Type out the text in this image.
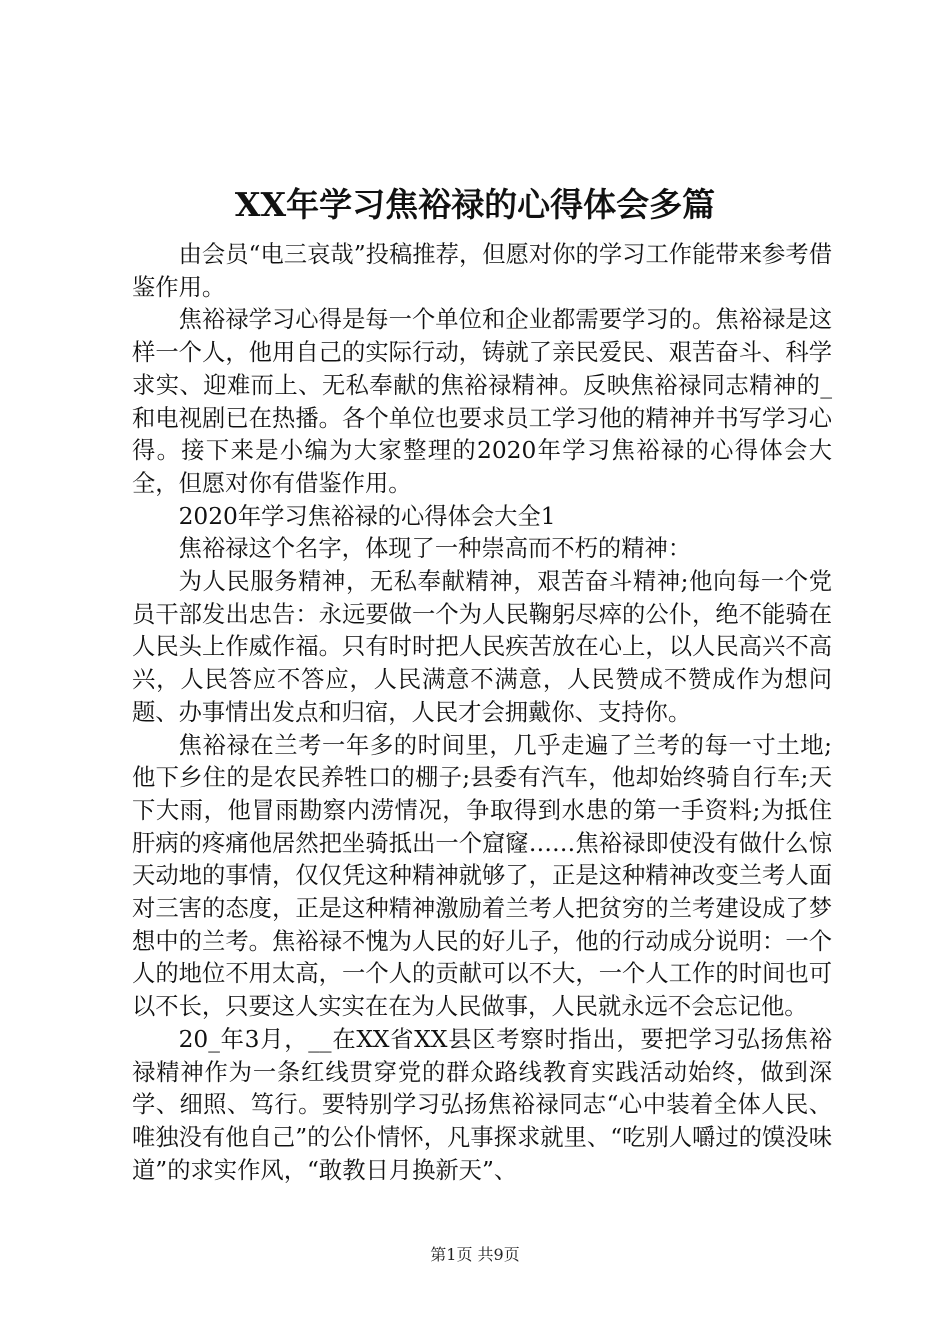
XX年学习焦裕禄的心得体会多篇

由会员“电三哀哉”投稿推荐，但愿对你的学习工作能带来参考借鉴作用。

焦裕禄学习心得是每一个单位和企业都需要学习的。焦裕禄是这样一个人，他用自己的实际行动，铸就了亲民爱民、艰苦奋斗、科学求实、迎难而上、无私奉献的焦裕禄精神。反映焦裕禄同志精神的_和电视剧已在热播。各个单位也要求员工学习他的精神并书写学习心得。接下来是小编为大家整理的2020年学习焦裕禄的心得体会大全，但愿对你有借鉴作用。

2020年学习焦裕禄的心得体会大全1

焦裕禄这个名字，体现了一种崇高而不朽的精神：

为人民服务精神，无私奉献精神，艰苦奋斗精神;他向每一个党员干部发出忠告：永远要做一个为人民鞠躬尽瘁的公仆，绝不能骑在人民头上作威作福。只有时时把人民疾苦放在心上，以人民高兴不高兴，人民答应不答应，人民满意不满意，人民赞成不赞成作为想问题、办事情出发点和归宿，人民才会拥戴你、支持你。

焦裕禄在兰考一年多的时间里，几乎走遍了兰考的每一寸土地;他下乡住的是农民养牲口的棚子;县委有汽车，他却始终骑自行车;天下大雨，他冒雨勘察内涝情况，争取得到水患的第一手资料;为抵住肝病的疼痛他居然把坐骑抵出一个窟窿……焦裕禄即使没有做什么惊天动地的事情，仅仅凭这种精神就够了，正是这种精神改变兰考人面对三害的态度，正是这种精神激励着兰考人把贫穷的兰考建设成了梦想中的兰考。焦裕禄不愧为人民的好儿子，他的行动成分说明：一个人的地位不用太高，一个人的贡献可以不大，一个人工作的时间也可以不长，只要这人实实在在为人民做事，人民就永远不会忘记他。

20_年3月，__在XX省XX县区考察时指出，要把学习弘扬焦裕禄精神作为一条红线贯穿党的群众路线教育实践活动始终，做到深学、细照、笃行。要特别学习弘扬焦裕禄同志“心中装着全体人民、唯独没有他自己”的公仆情怀，凡事探求就里、“吃别人嚼过的馍没味道”的求实作风，“敢教日月换新天”、

第1页 共9页
